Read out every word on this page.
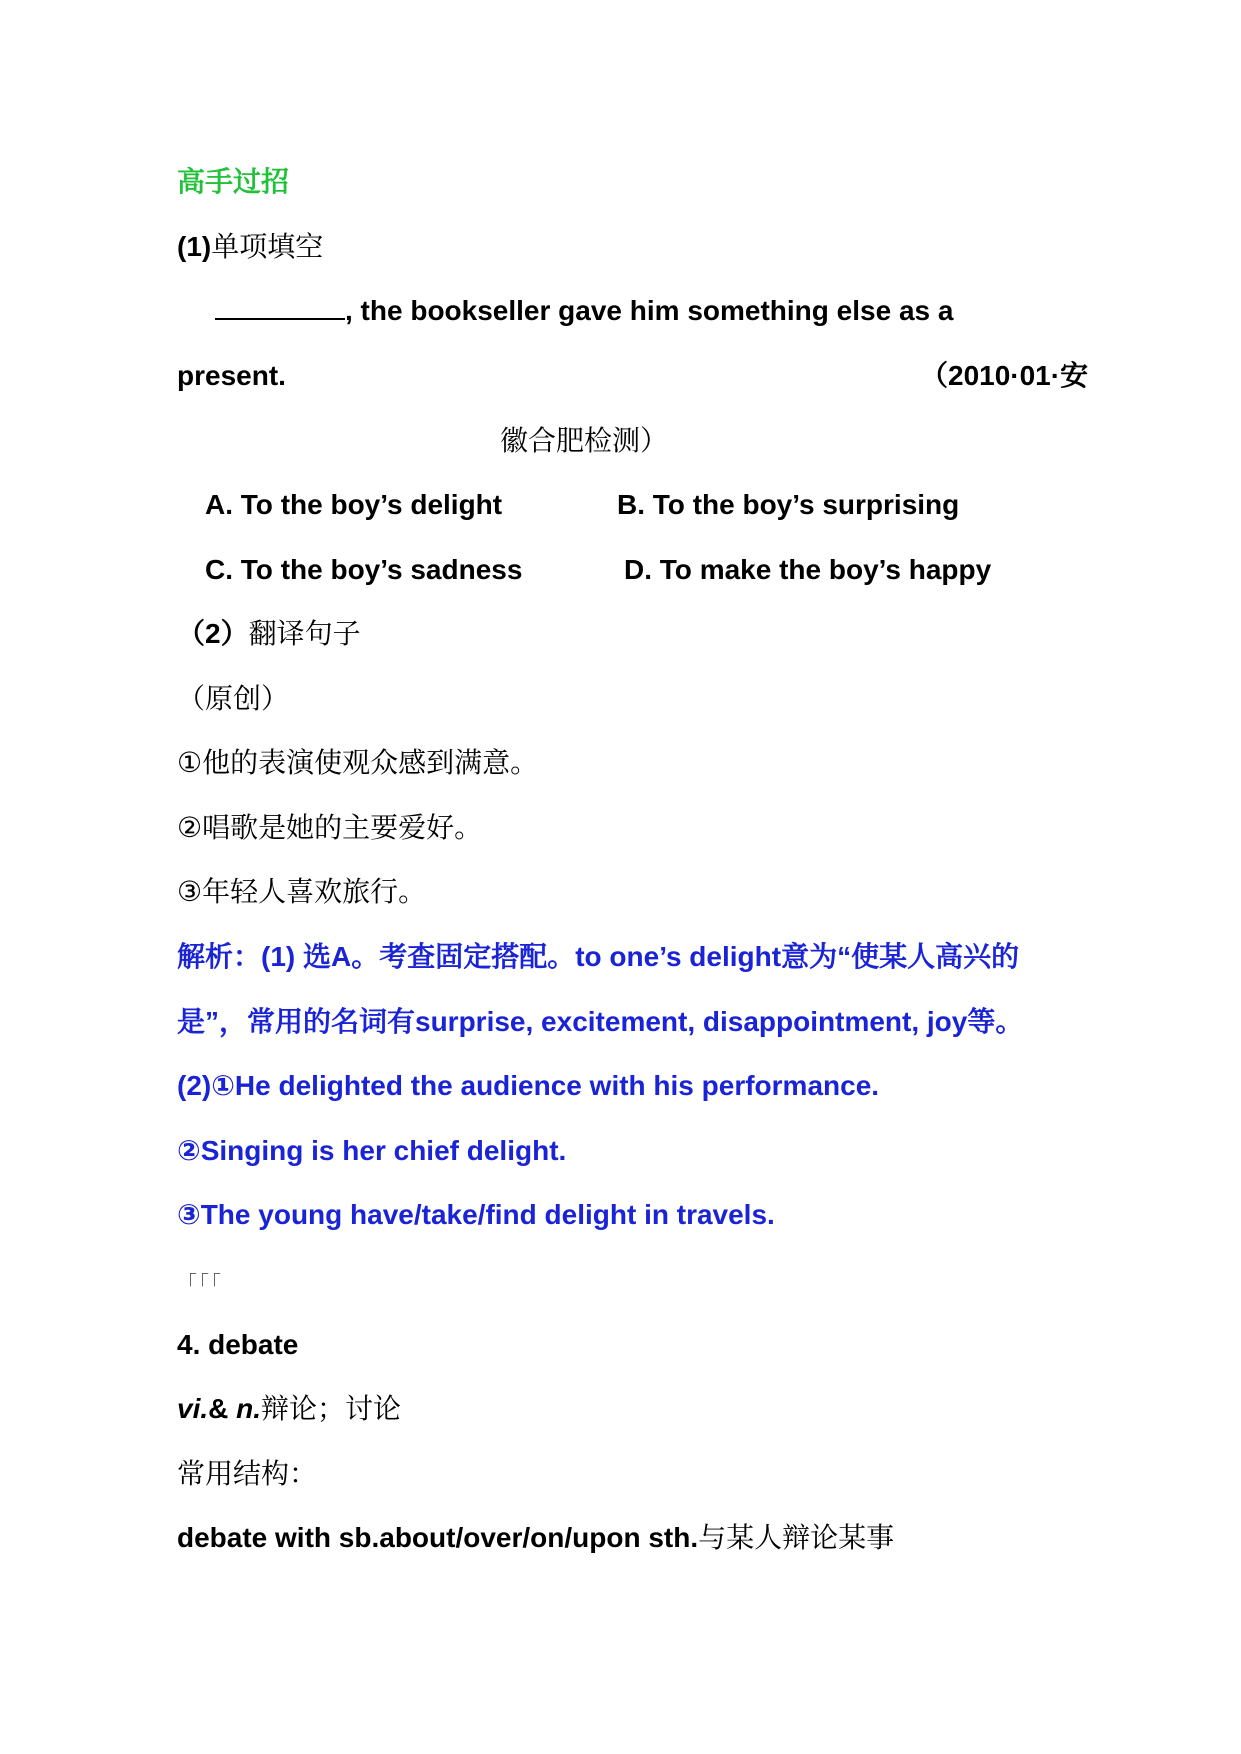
高手过招
(1)单项填空
, the bookseller gave him something else as a
present.	（2010·01·安
徽合肥检测）
A. To the boy’s delight	B. To the boy’s surprising
C. To the boy’s sadness	D. To make the boy’s happy
（2）翻译句子
（原创）
①他的表演使观众感到满意。
②唱歌是她的主要爱好。
③年轻人喜欢旅行。
解析：(1) 选A。考查固定搭配。to one’s delight意为“使某人高兴的
是”，常用的名词有surprise, excitement, disappointment, joy等。
(2)①He delighted the audience with his performance.
②Singing is her chief delight.
③The young have/take/find delight in travels.
「「「
4. debate
vi.& n.辩论；讨论
常用结构：
debate with sb.about/over/on/upon sth.与某人辩论某事
